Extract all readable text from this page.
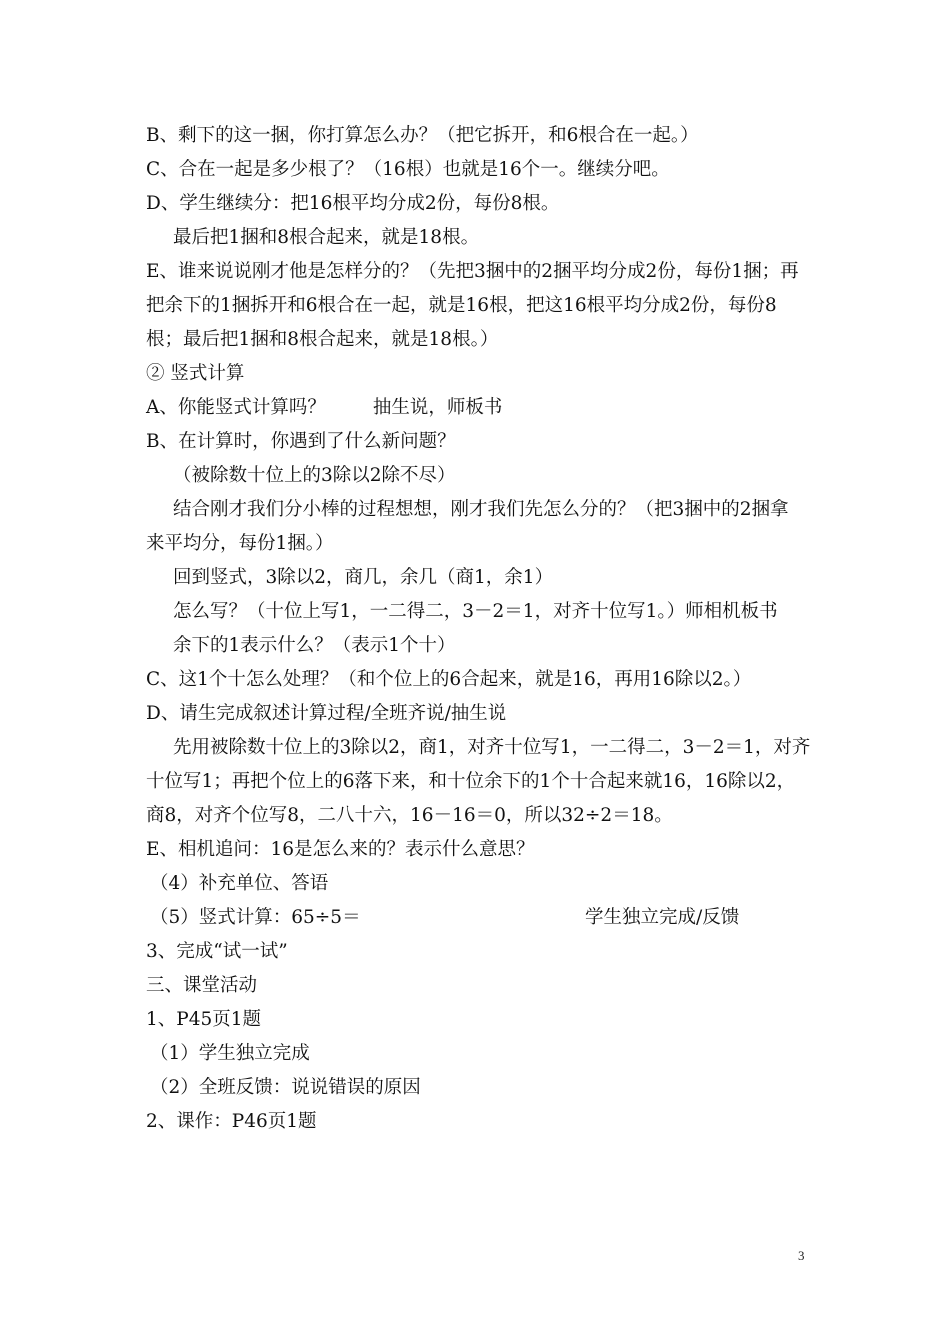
B、剩下的这一捆，你打算怎么办？（把它拆开，和6根合在一起。）
C、合在一起是多少根了？（16根）也就是16个一。继续分吧。
D、学生继续分：把16根平均分成2份，每份8根。
最后把1捆和8根合起来，就是18根。
E、谁来说说刚才他是怎样分的？（先把3捆中的2捆平均分成2份，每份1捆；再
把余下的1捆拆开和6根合在一起，就是16根，把这16根平均分成2份，每份8
根；最后把1捆和8根合起来，就是18根。）
② 竖式计算
A、你能竖式计算吗？        抽生说，师板书
B、在计算时，你遇到了什么新问题？
（被除数十位上的3除以2除不尽）
结合刚才我们分小棒的过程想想，刚才我们先怎么分的？（把3捆中的2捆拿
来平均分，每份1捆。）
回到竖式，3除以2，商几，余几（商1，余1）
怎么写？（十位上写1，一二得二，3－2＝1，对齐十位写1。）师相机板书
余下的1表示什么？（表示1个十）
C、这1个十怎么处理？（和个位上的6合起来，就是16，再用16除以2。）
D、请生完成叙述计算过程/全班齐说/抽生说
先用被除数十位上的3除以2，商1，对齐十位写1，一二得二，3－2＝1，对齐
十位写1；再把个位上的6落下来，和十位余下的1个十合起来就16，16除以2，
商8，对齐个位写8，二八十六，16－16＝0，所以32÷2＝18。
E、相机追问：16是怎么来的？表示什么意思？
（4）补充单位、答语
（5）竖式计算：65÷5＝	学生独立完成/反馈
3、完成“试一试”
三、课堂活动
1、P45页1题
（1）学生独立完成
（2）全班反馈：说说错误的原因
2、课作：P46页1题
3
